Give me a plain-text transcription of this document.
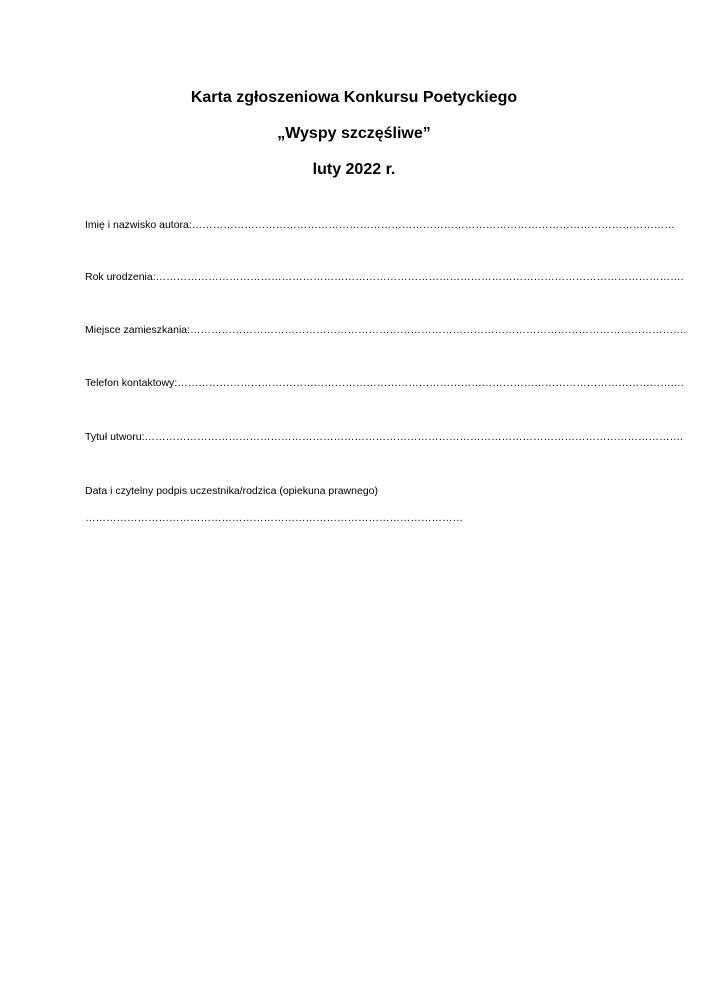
Karta zgłoszeniowa Konkursu Poetyckiego
„Wyspy szczęśliwe”
luty 2022 r.
Imię i nazwisko autora:…………………………………………………………………………………………………………………………
Rok urodzenia:…………………………………………………………………………………………………………………………………….
Miejsce zamieszkania:…………………………………………………………………………………………………………………………….
Telefon kontaktowy:…………………………………………………………………………………………………………………………….…
Tytuł utworu:……………………………………………………………………………………………………………………………………….
Data i czytelny podpis uczestnika/rodzica (opiekuna prawnego)
………………………………………………………………………………………………
